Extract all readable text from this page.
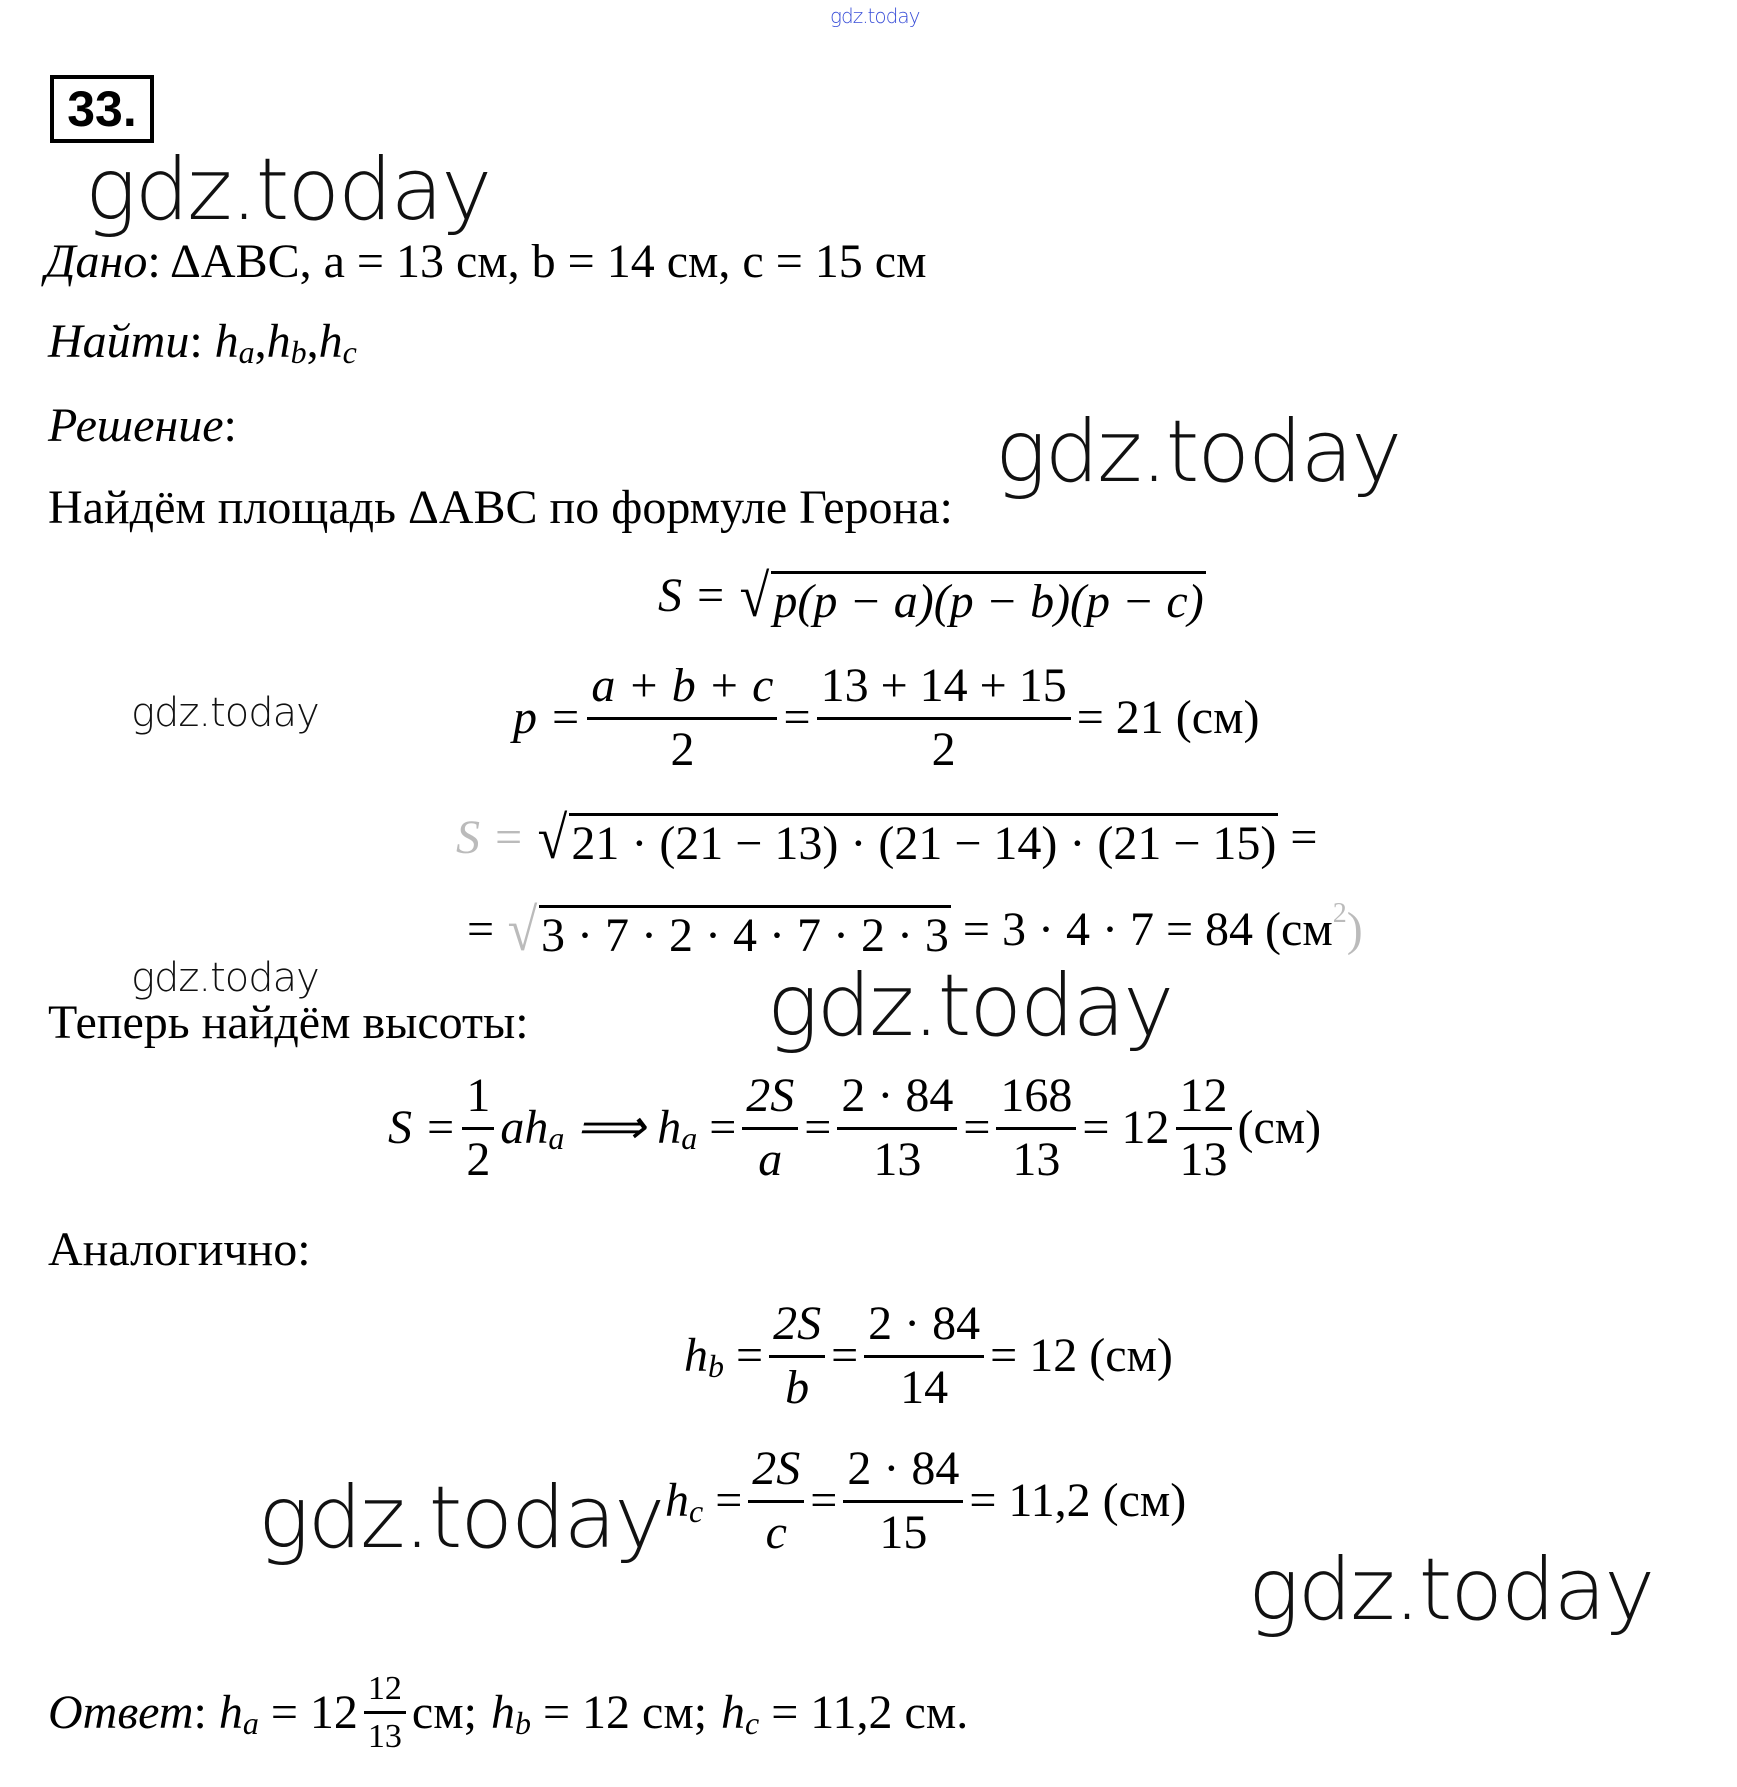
gdz.today
33.
gdz.today
Дано : ΔABC, a = 13 см, b = 14 см, c = 15 см
Найти :
h a , h b , h c
Решение :	gdz.today
Найдём площадь ΔABC по формуле Герона:
S =
√ p(p − a)(p − b)(p − c)
gdz.today	$p = \frac{a + b + c}{2} = \frac{13 + 14 + 15}{2} = 21$ (см)
S =
√ 21 · (21 − 13) · (21 − 14) · (21 − 15)
=
=
√ 3 · 7 · 2 · 4 · 7 · 2 · 3
= 3 · 4 · 7 = 84 (см 2 )
gdz.today	gdz.today
Теперь найдём высоты:
$S = \frac{1}{2}$ ah a
⟹ h a
= $\frac{2S}{a} = \frac{2 \cdot 84}{13} = \frac{168}{13} = 12 \frac{12}{13} (см)$
Аналогично:
h b
= $\frac{2S}{b} = \frac{2 \cdot 84}{14} = 12$ (см)
gdz.today h c
= $\frac{2S}{c} = \frac{2 \cdot 84}{15} = 11,2$ (см)
gdz.today
Ответ : h a
= $12 \frac{12}{13}$ см; h b
= 12 см; h c
= 11,2 см.
